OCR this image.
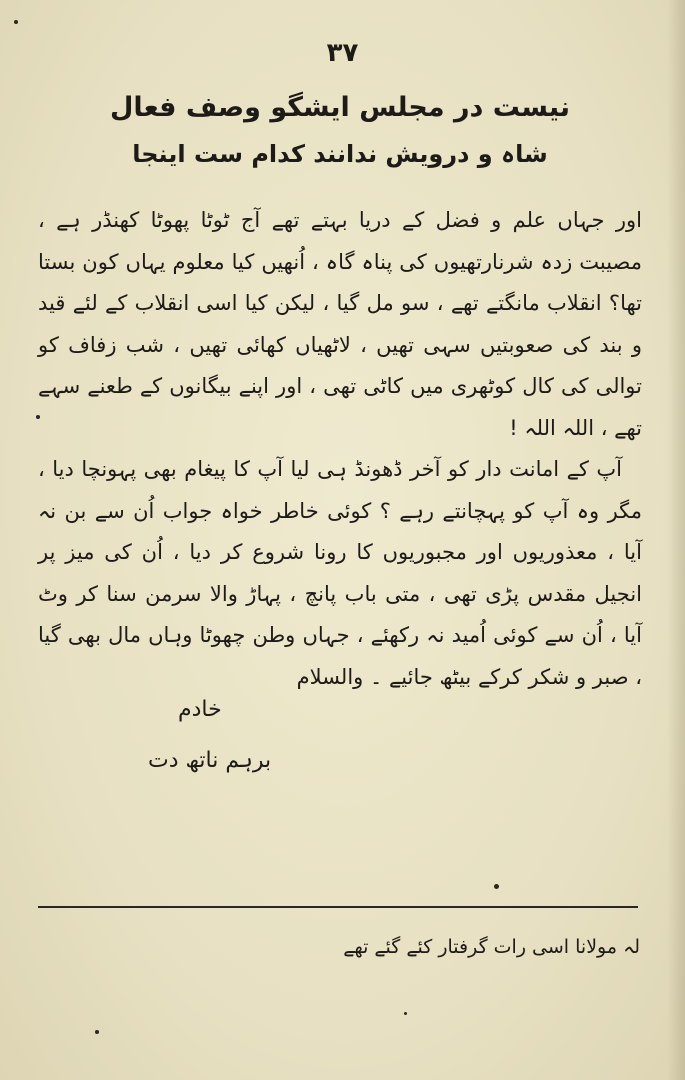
۳۷
نیست در مجلس ایشگو وصف فعال
شاہ و درویش ندانند کدام ست اینجا

اور جہاں علم و فضل کے دریا بہتے تھے آج ٹوٹا پھوٹا کھنڈر ہے ، مصیبت زدہ شرنارتھیوں کی پناہ گاہ ، اُنھیں کیا معلوم یہاں کون بستا تھا؟ انقلاب مانگتے تھے ، سو مل گیا ، لیکن کیا اسی انقلاب کے لئے قید و بند کی صعوبتیں سہی تھیں ، لاٹھیاں کھائی تھیں ، شب زفاف کو توالی کی کال کوٹھری میں کاٹی تھی ، اور اپنے بیگانوں کے طعنے سہے تھے ، اللہ اللہ !

آپ کے امانت دار کو آخر ڈھونڈ ہی لیا آپ کا پیغام بھی پہونچا دیا ، مگر وہ آپ کو پہچانتے رہے ؟ کوئی خاطر خواہ جواب اُن سے بن نہ آیا ، معذوریوں اور مجبوریوں کا رونا شروع کر دیا ، اُن کی میز پر انجیل مقدس پڑی تھی ، متی باب پانچ ، پہاڑ والا سرمن سنا کر وٹ آیا ، اُن سے کوئی اُمید نہ رکھئے ، جہاں وطن چھوٹا وہاں مال بھی گیا ، صبر و شکر کرکے بیٹھ جائیے ۔ والسلام

خادم
برہم ناتھ دت
لہ مولانا اسی رات گرفتار کئے گئے تھے
